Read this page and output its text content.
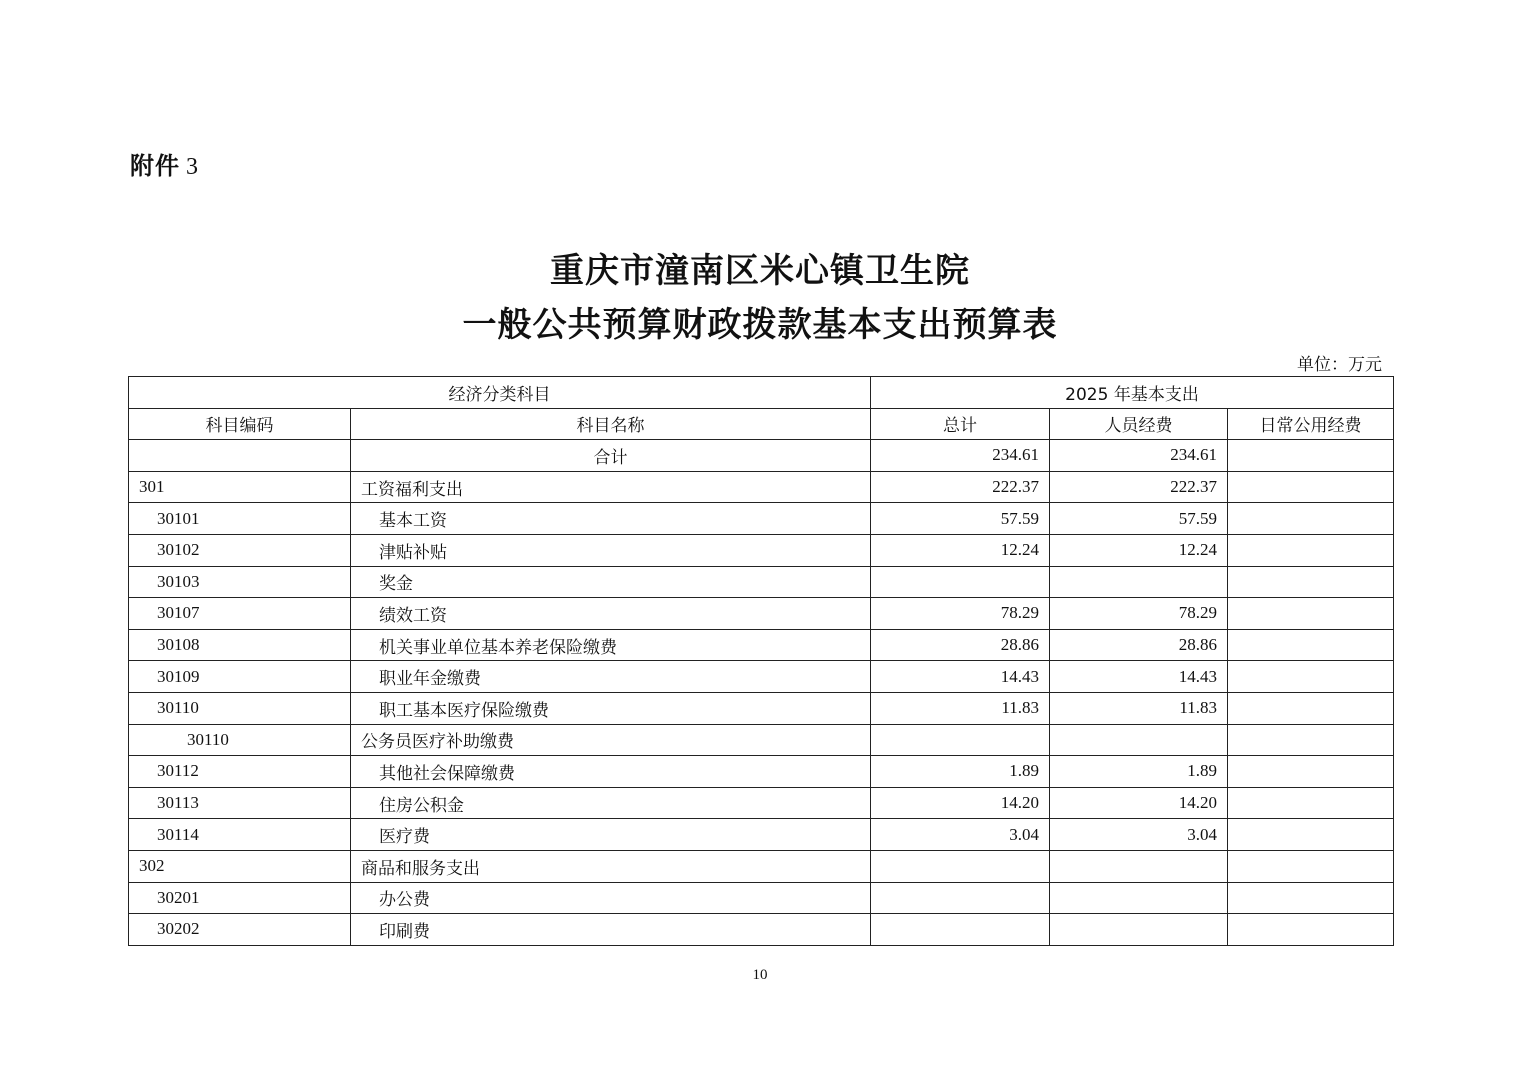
附件 3
重庆市潼南区米心镇卫生院
一般公共预算财政拨款基本支出预算表
单位：万元
经济分类科目		2025 年基本支出		
科目编码	科目名称	总计	人员经费	日常公用经费
	合计	234.61	234.61	
301	工资福利支出	222.37	222.37	
30101	基本工资	57.59	57.59	
30102	津贴补贴	12.24	12.24	
30103	奖金			
30107	绩效工资	78.29	78.29	
30108	机关事业单位基本养老保险缴费	28.86	28.86	
30109	职业年金缴费	14.43	14.43	
30110	职工基本医疗保险缴费	11.83	11.83	
30110	公务员医疗补助缴费			
30112	其他社会保障缴费	1.89	1.89	
30113	住房公积金	14.20	14.20	
30114	医疗费	3.04	3.04	
302	商品和服务支出			
30201	办公费			
30202	印刷费			
10
